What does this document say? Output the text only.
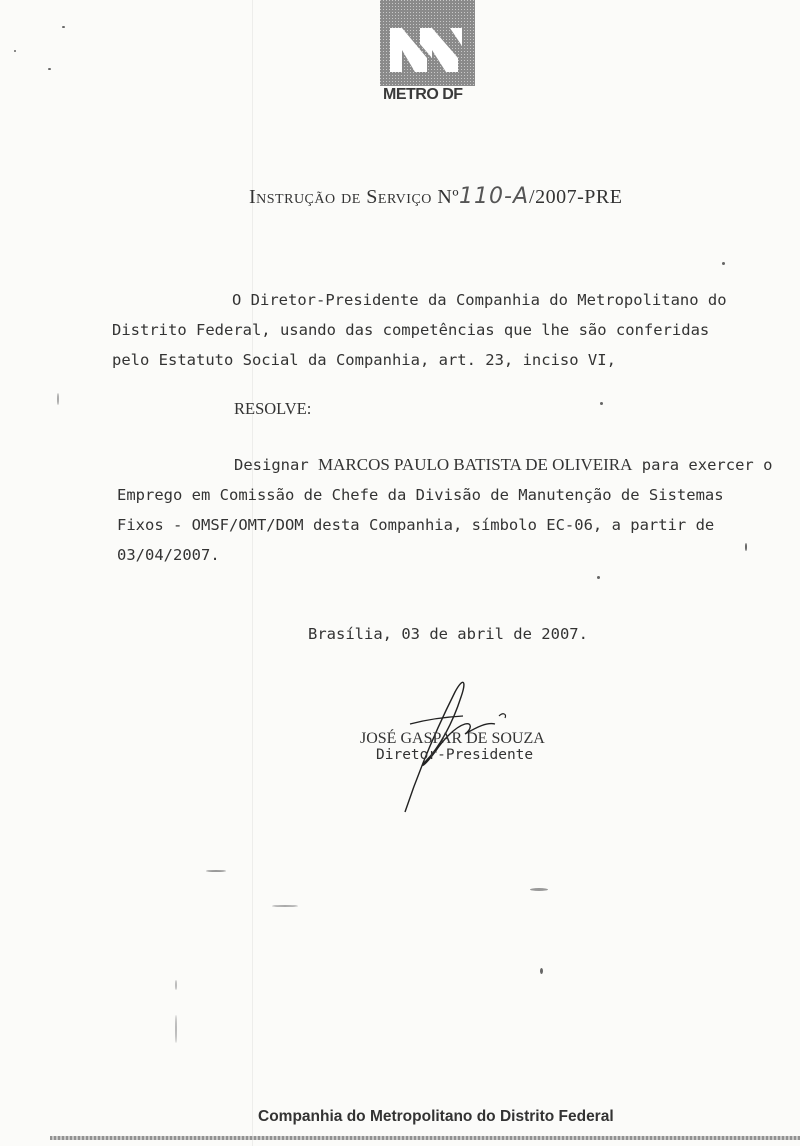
METRO DF
Instrução de Serviço Nº110-A/2007-PRE
O Diretor-Presidente da Companhia do Metropolitano do
Distrito Federal, usando das competências que lhe são conferidas
pelo Estatuto Social da Companhia, art. 23, inciso VI,
RESOLVE:
Designar MARCOS PAULO BATISTA DE OLIVEIRA para exercer o
Emprego em Comissão de Chefe da Divisão de Manutenção de Sistemas
Fixos - OMSF/OMT/DOM desta Companhia, símbolo EC-06, a partir de
03/04/2007.
Brasília, 03 de abril de 2007.
JOSÉ GASPAR DE SOUZA
Diretor-Presidente
Companhia do Metropolitano do Distrito Federal
